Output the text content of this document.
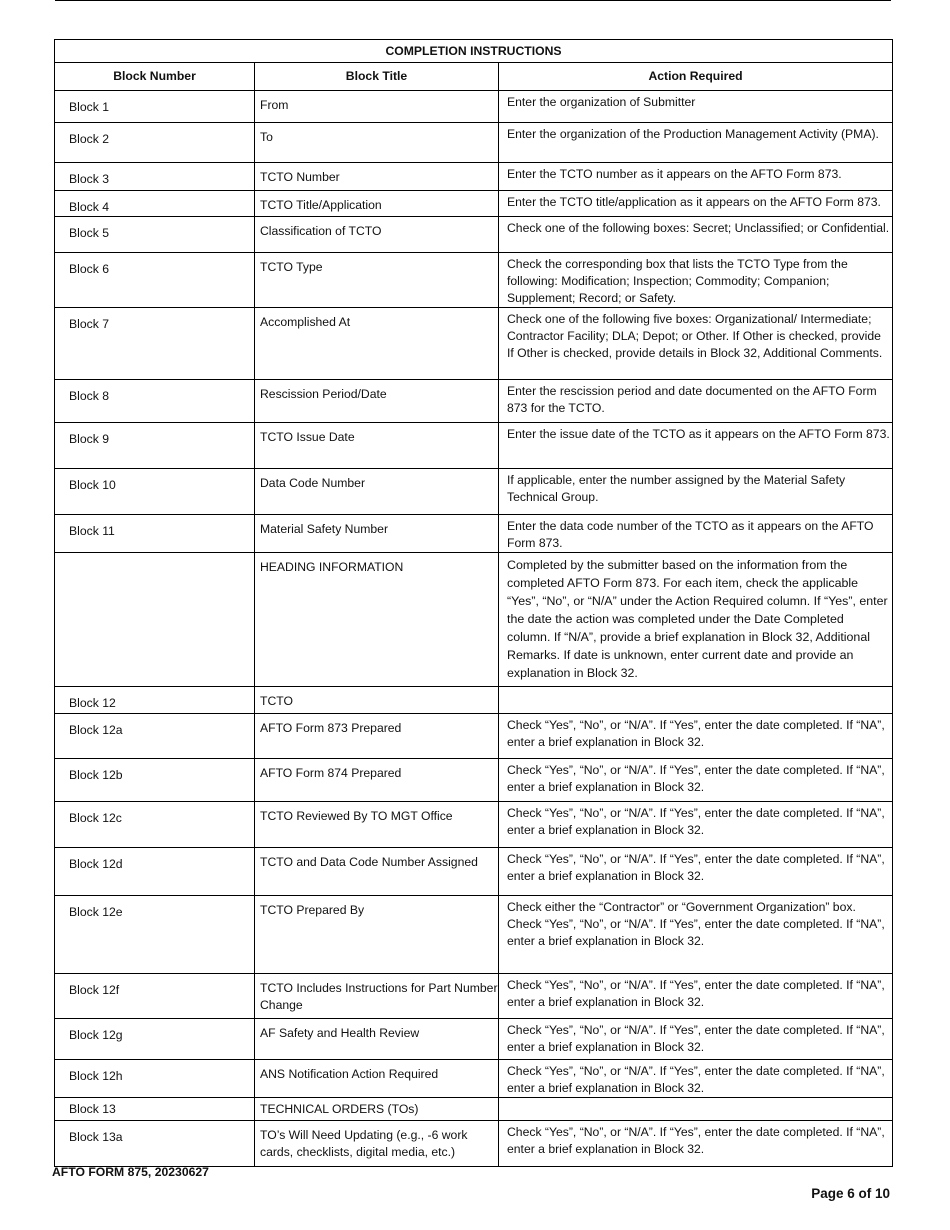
COMPLETION INSTRUCTIONS		
Block Number	Block Title	Action Required
Block 1	From	Enter the organization of Submitter
Block 2	To	Enter the organization of the Production Management Activity (PMA).
Block 3	TCTO Number	Enter the TCTO number as it appears on the AFTO Form 873.
Block 4	TCTO Title/Application	Enter the TCTO title/application as it appears on the AFTO Form 873.
Block 5	Classification of TCTO	Check one of the following boxes: Secret; Unclassified; or Confidential.
Block 6	TCTO Type	Check the corresponding box that lists the TCTO Type from the following: Modification; Inspection; Commodity; Companion; Supplement; Record; or Safety.
Block 7	Accomplished At	Check one of the following five boxes: Organizational/ Intermediate; Contractor Facility; DLA; Depot; or Other. If Other is checked, provide If Other is checked, provide details in Block 32, Additional Comments.
Block 8	Rescission Period/Date	Enter the rescission period and date documented on the AFTO Form 873 for the TCTO.
Block 9	TCTO Issue Date	Enter the issue date of the TCTO as it appears on the AFTO Form 873.
Block 10	Data Code Number	If applicable, enter the number assigned by the Material Safety Technical Group.
Block 11	Material Safety Number	Enter the data code number of the TCTO as it appears on the AFTO Form 873.
	HEADING INFORMATION	Completed by the submitter based on the information from the completed AFTO Form 873. For each item, check the applicable “Yes”, “No”, or “N/A” under the Action Required column. If “Yes”, enter the date the action was completed under the Date Completed column. If “N/A”, provide a brief explanation in Block 32, Additional Remarks. If date is unknown, enter current date and provide an explanation in Block 32.
Block 12	TCTO	
Block 12a	AFTO Form 873 Prepared	Check “Yes”, “No”, or “N/A”. If “Yes”, enter the date completed. If “NA”, enter a brief explanation in Block 32.
Block 12b	AFTO Form 874 Prepared	Check “Yes”, “No”, or “N/A”. If “Yes”, enter the date completed. If “NA”, enter a brief explanation in Block 32.
Block 12c	TCTO Reviewed By TO MGT Office	Check “Yes”, “No”, or “N/A”. If “Yes”, enter the date completed. If “NA”, enter a brief explanation in Block 32.
Block 12d	TCTO and Data Code Number Assigned	Check “Yes”, “No”, or “N/A”. If “Yes”, enter the date completed. If “NA”, enter a brief explanation in Block 32.
Block 12e	TCTO Prepared By	Check either the “Contractor” or “Government Organization” box. Check “Yes”, “No”, or “N/A”. If “Yes”, enter the date completed. If “NA”, enter a brief explanation in Block 32.
Block 12f	TCTO Includes Instructions for Part Number Change	Check “Yes”, “No”, or “N/A”. If “Yes”, enter the date completed. If “NA”, enter a brief explanation in Block 32.
Block 12g	AF Safety and Health Review	Check “Yes”, “No”, or “N/A”. If “Yes”, enter the date completed. If “NA”, enter a brief explanation in Block 32.
Block 12h	ANS Notification Action Required	Check “Yes”, “No”, or “N/A”. If “Yes”, enter the date completed. If “NA”, enter a brief explanation in Block 32.
Block 13	TECHNICAL ORDERS (TOs)	
Block 13a	TO’s Will Need Updating (e.g., -6 work cards, checklists, digital media, etc.)	Check “Yes”, “No”, or “N/A”. If “Yes”, enter the date completed. If “NA”, enter a brief explanation in Block 32.
AFTO FORM 875, 20230627
Page 6 of 10
